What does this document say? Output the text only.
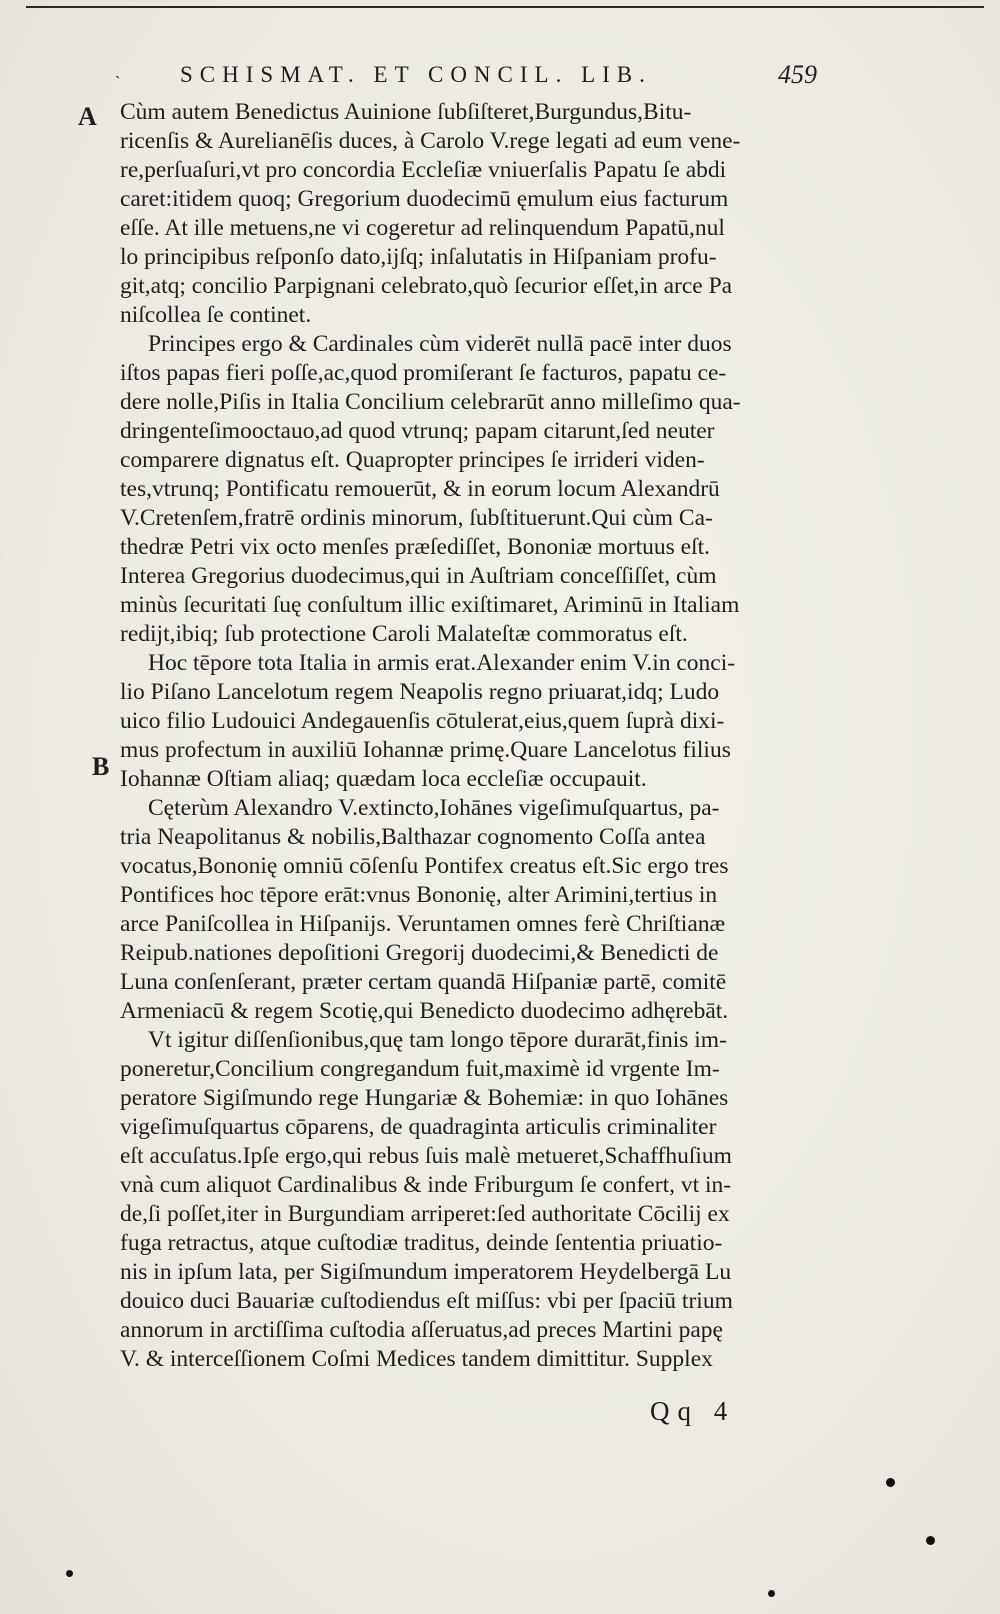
ˎ	SCHISMAT. ET CONCIL. LIB.	459
A
B
Cùm autem Benedictus Auinione ſubſiſteret,Burgundus,Bitu-
ricenſis & Aurelianēſis duces, à Carolo V.rege legati ad eum vene-
re,perſuaſuri,vt pro concordia Eccleſiæ vniuerſalis Papatu ſe abdi
caret:itidem quoq; Gregorium duodecimū ęmulum eius facturum
eſſe. At ille metuens,ne vi cogeretur ad relinquendum Papatū,nul
lo principibus reſponſo dato,ijſq; inſalutatis in Hiſpaniam profu-
git,atq; concilio Parpignani celebrato,quò ſecurior eſſet,in arce Pa
niſcollea ſe continet.
Principes ergo & Cardinales cùm viderēt nullā pacē inter duos
iſtos papas fieri poſſe,ac,quod promiſerant ſe facturos, papatu ce-
dere nolle,Piſis in Italia Concilium celebrarūt anno milleſimo qua-
dringenteſimooctauo,ad quod vtrunq; papam citarunt,ſed neuter
comparere dignatus eſt. Quapropter principes ſe irrideri viden-
tes,vtrunq; Pontificatu remouerūt, & in eorum locum Alexandrū
V.Cretenſem,fratrē ordinis minorum, ſubſtituerunt.Qui cùm Ca-
thedræ Petri vix octo menſes præſediſſet, Bononiæ mortuus eſt.
Interea Gregorius duodecimus,qui in Auſtriam conceſſiſſet, cùm
minùs ſecuritati ſuę conſultum illic exiſtimaret, Ariminū in Italiam
redijt,ibiq; ſub protectione Caroli Malateſtæ commoratus eſt.
Hoc tēpore tota Italia in armis erat.Alexander enim V.in conci-
lio Piſano Lancelotum regem Neapolis regno priuarat,idq; Ludo
uico filio Ludouici Andegauenſis cōtulerat,eius,quem ſuprà dixi-
mus profectum in auxiliū Iohannæ primę.Quare Lancelotus filius
Iohannæ Oſtiam aliaq; quædam loca eccleſiæ occupauit.
Cęterùm Alexandro V.extincto,Iohānes vigeſimuſquartus, pa-
tria Neapolitanus & nobilis,Balthazar cognomento Coſſa antea
vocatus,Bononię omniū cōſenſu Pontifex creatus eſt.Sic ergo tres
Pontifices hoc tēpore erāt:vnus Bononię, alter Arimini,tertius in
arce Paniſcollea in Hiſpanijs. Veruntamen omnes ferè Chriſtianæ
Reipub.nationes depoſitioni Gregorij duodecimi,& Benedicti de
Luna conſenſerant, præter certam quandā Hiſpaniæ partē, comitē
Armeniacū & regem Scotię,qui Benedicto duodecimo adhęrebāt.
Vt igitur diſſenſionibus,quę tam longo tēpore durarāt,finis im-
poneretur,Concilium congregandum fuit,maximè id vrgente Im-
peratore Sigiſmundo rege Hungariæ & Bohemiæ: in quo Iohānes
vigeſimuſquartus cōparens, de quadraginta articulis criminaliter
eſt accuſatus.Ipſe ergo,qui rebus ſuis malè metueret,Schaffhuſium
vnà cum aliquot Cardinalibus & inde Friburgum ſe confert, vt in-
de,ſi poſſet,iter in Burgundiam arriperet:ſed authoritate Cōcilij ex
fuga retractus, atque cuſtodiæ traditus, deinde ſententia priuatio-
nis in ipſum lata, per Sigiſmundum imperatorem Heydelbergā Lu
douico duci Bauariæ cuſtodiendus eſt miſſus: vbi per ſpaciū trium
annorum in arctiſſima cuſtodia aſſeruatus,ad preces Martini papę
V. & interceſſionem Coſmi Medices tandem dimittitur. Supplex
Qq 4
